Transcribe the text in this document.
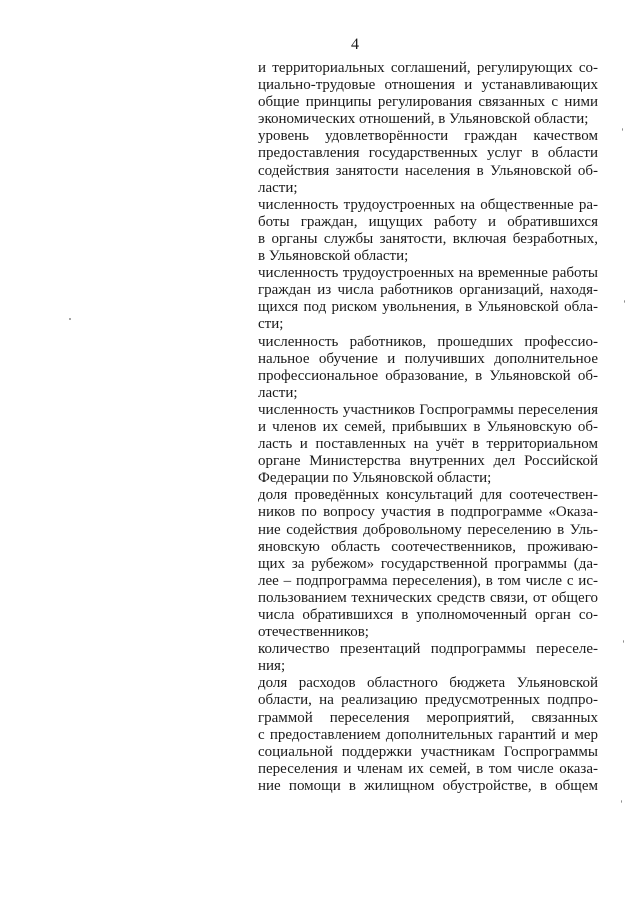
4
и территориальных соглашений, регулирующих со-
циально-трудовые отношения и устанавливающих
общие принципы регулирования связанных с ними
экономических отношений, в Ульяновской области;
уровень удовлетворённости граждан качеством
предоставления государственных услуг в области
содействия занятости населения в Ульяновской об-
ласти;
численность трудоустроенных на общественные ра-
боты граждан, ищущих работу и обратившихся
в органы службы занятости, включая безработных,
в Ульяновской области;
численность трудоустроенных на временные работы
граждан из числа работников организаций, находя-
щихся под риском увольнения, в Ульяновской обла-
сти;
численность работников, прошедших профессио-
нальное обучение и получивших дополнительное
профессиональное образование, в Ульяновской об-
ласти;
численность участников Госпрограммы переселения
и членов их семей, прибывших в Ульяновскую об-
ласть и поставленных на учёт в территориальном
органе Министерства внутренних дел Российской
Федерации по Ульяновской области;
доля проведённых консультаций для соотечествен-
ников по вопросу участия в подпрограмме «Оказа-
ние содействия добровольному переселению в Уль-
яновскую область соотечественников, проживаю-
щих за рубежом» государственной программы (да-
лее – подпрограмма переселения), в том числе с ис-
пользованием технических средств связи, от общего
числа обратившихся в уполномоченный орган со-
отечественников;
количество презентаций подпрограммы переселе-
ния;
доля расходов областного бюджета Ульяновской
области, на реализацию предусмотренных подпро-
граммой переселения мероприятий, связанных
с предоставлением дополнительных гарантий и мер
социальной поддержки участникам Госпрограммы
переселения и членам их семей, в том числе оказа-
ние помощи в жилищном обустройстве, в общем
